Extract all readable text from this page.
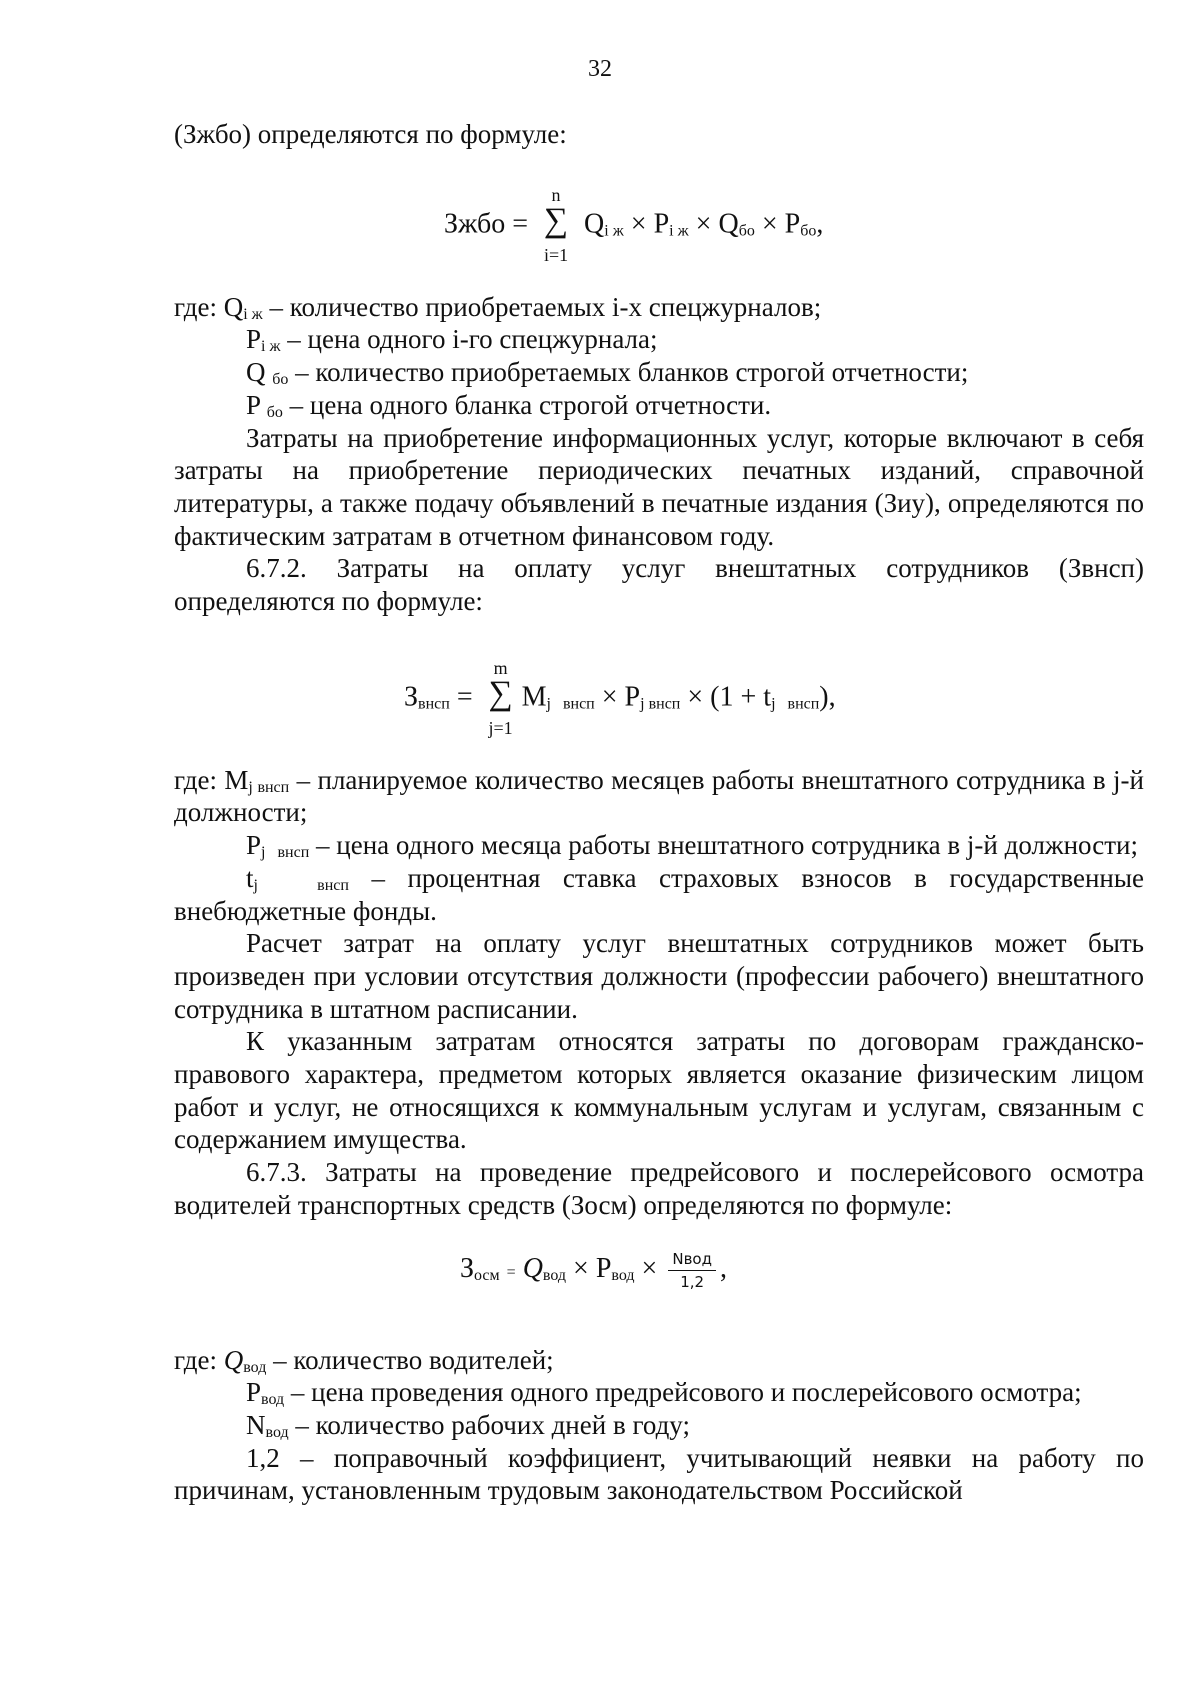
32

(Зжбо) определяются по формуле:

Зжбо =
n
∑
i=1
$Q_{i ж} \times P_{i ж} \times Q_{бо} \times P_{бо}$,

где: $Q_{i ж}$ – количество приобретаемых i-х спецжурналов;

$P_{i ж}$ – цена одного i-го спецжурнала;

Q $_{бо}$ – количество приобретаемых бланков строгой отчетности;

P $_{бо}$ – цена одного бланка строгой отчетности.

Затраты на приобретение информационных услуг, которые включают в себя затраты на приобретение периодических печатных изданий, справочной литературы, а также подачу объявлений в печатные издания (Зиу), определяются по фактическим затратам в отчетном финансовом году.

6.7.2. Затраты на оплату услуг внештатных сотрудников (Звнсп) определяются по формуле:

$З_{внсп}$ =
m
∑
j=1
$M_{j внсп} \times P_{j внсп} \times (1 + t_{j внсп})$,

где: $M_{j внсп}$ – планируемое количество месяцев работы внештатного сотрудника в j-й должности;

$P_{j внсп}$ – цена одного месяца работы внештатного сотрудника в j-й должности;

$t_{j внсп}$ – процентная ставка страховых взносов в государственные внебюджетные фонды.

Расчет затрат на оплату услуг внештатных сотрудников может быть произведен при условии отсутствия должности (профессии рабочего) внештатного сотрудника в штатном расписании.

К указанным затратам относятся затраты по договорам гражданско-правового характера, предметом которых является оказание физическим лицом работ и услуг, не относящихся к коммунальным услугам и услугам, связанным с содержанием имущества.

6.7.3. Затраты на проведение предрейсового и послерейсового осмотра водителей транспортных средств (Зосм) определяются по формуле:

$З_{осм} = Q_{вод} \times P_{вод} \times \frac{\text{Nвод}}{1,2}$ ,

где: $Q_{вод}$ – количество водителей;

$P_{вод}$ – цена проведения одного предрейсового и послерейсового осмотра;

$N_{вод}$ – количество рабочих дней в году;

1,2 – поправочный коэффициент, учитывающий неявки на работу по причинам, установленным трудовым законодательством Российской
